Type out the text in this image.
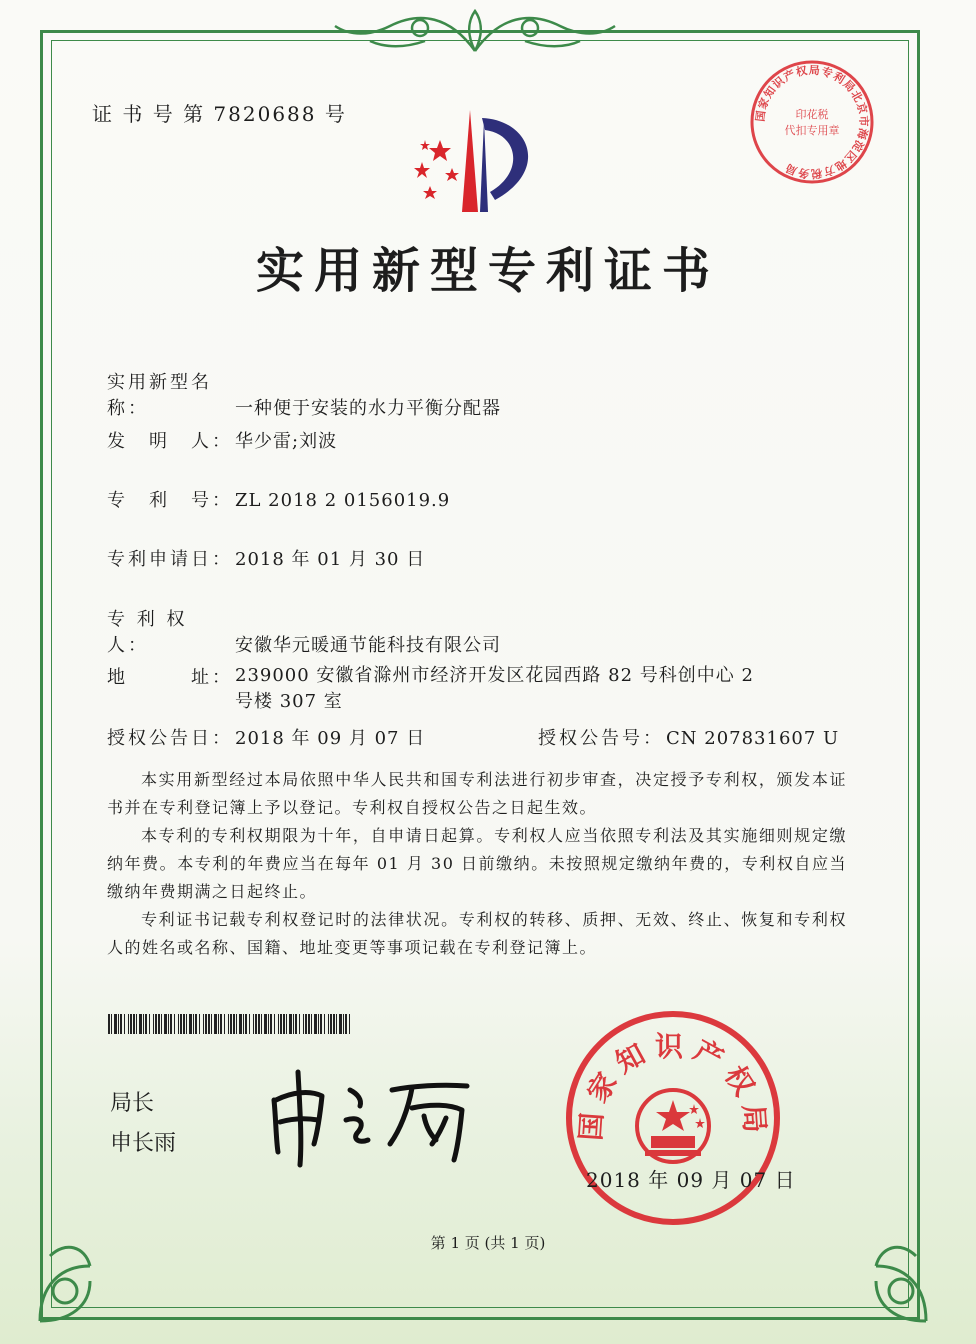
证 书 号 第 7820688 号
实用新型专利证书
实用新型名称：	一种便于安装的水力平衡分配器
发　明　人： 华少雷;刘波
专　利　号： ZL 2018 2 0156019.9
专利申请日： 2018 年 01 月 30 日
专 利 权 人：	安徽华元暖通节能科技有限公司
地　　　址： 239000 安徽省滁州市经济开发区花园西路 82 号科创中心 2 号楼 307 室
授权公告日： 2018 年 09 月 07 日	授权公告号： CN 207831607 U
本实用新型经过本局依照中华人民共和国专利法进行初步审查，决定授予专利权，颁发本证书并在专利登记簿上予以登记。专利权自授权公告之日起生效。
本专利的专利权期限为十年，自申请日起算。专利权人应当依照专利法及其实施细则规定缴纳年费。本专利的年费应当在每年 01 月 30 日前缴纳。未按照规定缴纳年费的，专利权自应当缴纳年费期满之日起终止。
专利证书记载专利权登记时的法律状况。专利权的转移、质押、无效、终止、恢复和专利权人的姓名或名称、国籍、地址变更等事项记载在专利登记簿上。
局长
申长雨
国家知识产权局
2018 年 09 月 07 日
国家知识产权局专利局北京市海淀区地方税务局
印花税
代扣专用章
第 1 页 (共 1 页)
